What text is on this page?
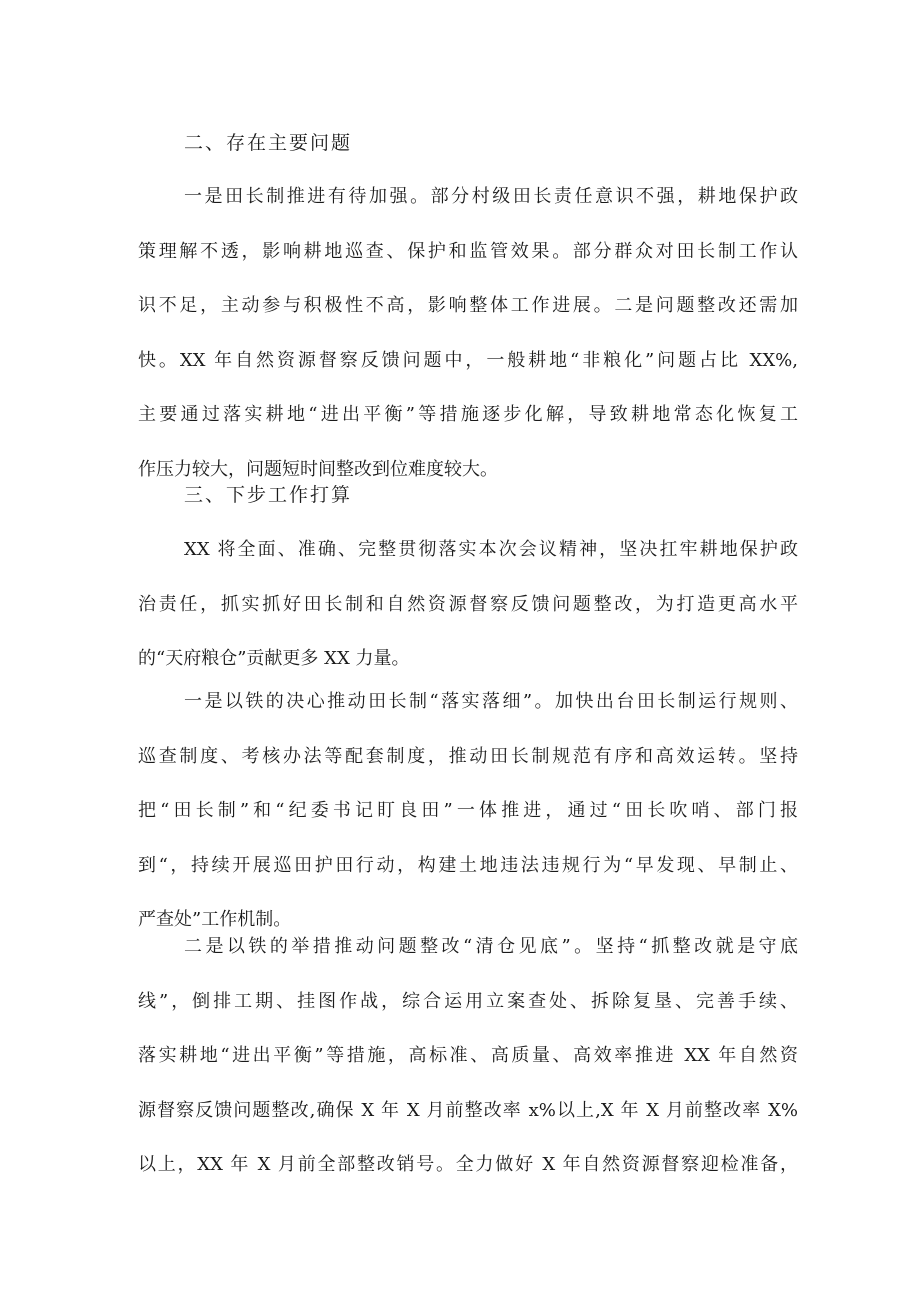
二、存在主要问题
一是田长制推进有待加强。部分村级田长责任意识不强，耕地保护政
策理解不透，影响耕地巡查、保护和监管效果。部分群众对田长制工作认
识不足，主动参与积极性不高，影响整体工作进展。二是问题整改还需加
快。XX 年自然资源督察反馈问题中，一般耕地“非粮化”问题占比 XX%,
主要通过落实耕地“进出平衡”等措施逐步化解，导致耕地常态化恢复工
作压力较大，问题短时间整改到位难度较大。
三、下步工作打算
XX 将全面、准确、完整贯彻落实本次会议精神，坚决扛牢耕地保护政
治责任，抓实抓好田长制和自然资源督察反馈问题整改，为打造更高水平
的“天府粮仓”贡献更多 XX 力量。
一是以铁的决心推动田长制“落实落细”。加快出台田长制运行规则、
巡查制度、考核办法等配套制度，推动田长制规范有序和高效运转。坚持
把“田长制”和“纪委书记盯良田”一体推进，通过“田长吹哨、部门报
到“，持续开展巡田护田行动，构建土地违法违规行为“早发现、早制止、
严查处”工作机制。
二是以铁的举措推动问题整改“清仓见底”。坚持“抓整改就是守底
线”，倒排工期、挂图作战，综合运用立案查处、拆除复垦、完善手续、
落实耕地“进出平衡”等措施，高标准、高质量、高效率推进 XX 年自然资
源督察反馈问题整改,确保 X 年 X 月前整改率 x%以上,X 年 X 月前整改率 X%
以上，XX 年 X 月前全部整改销号。全力做好 X 年自然资源督察迎检准备，
